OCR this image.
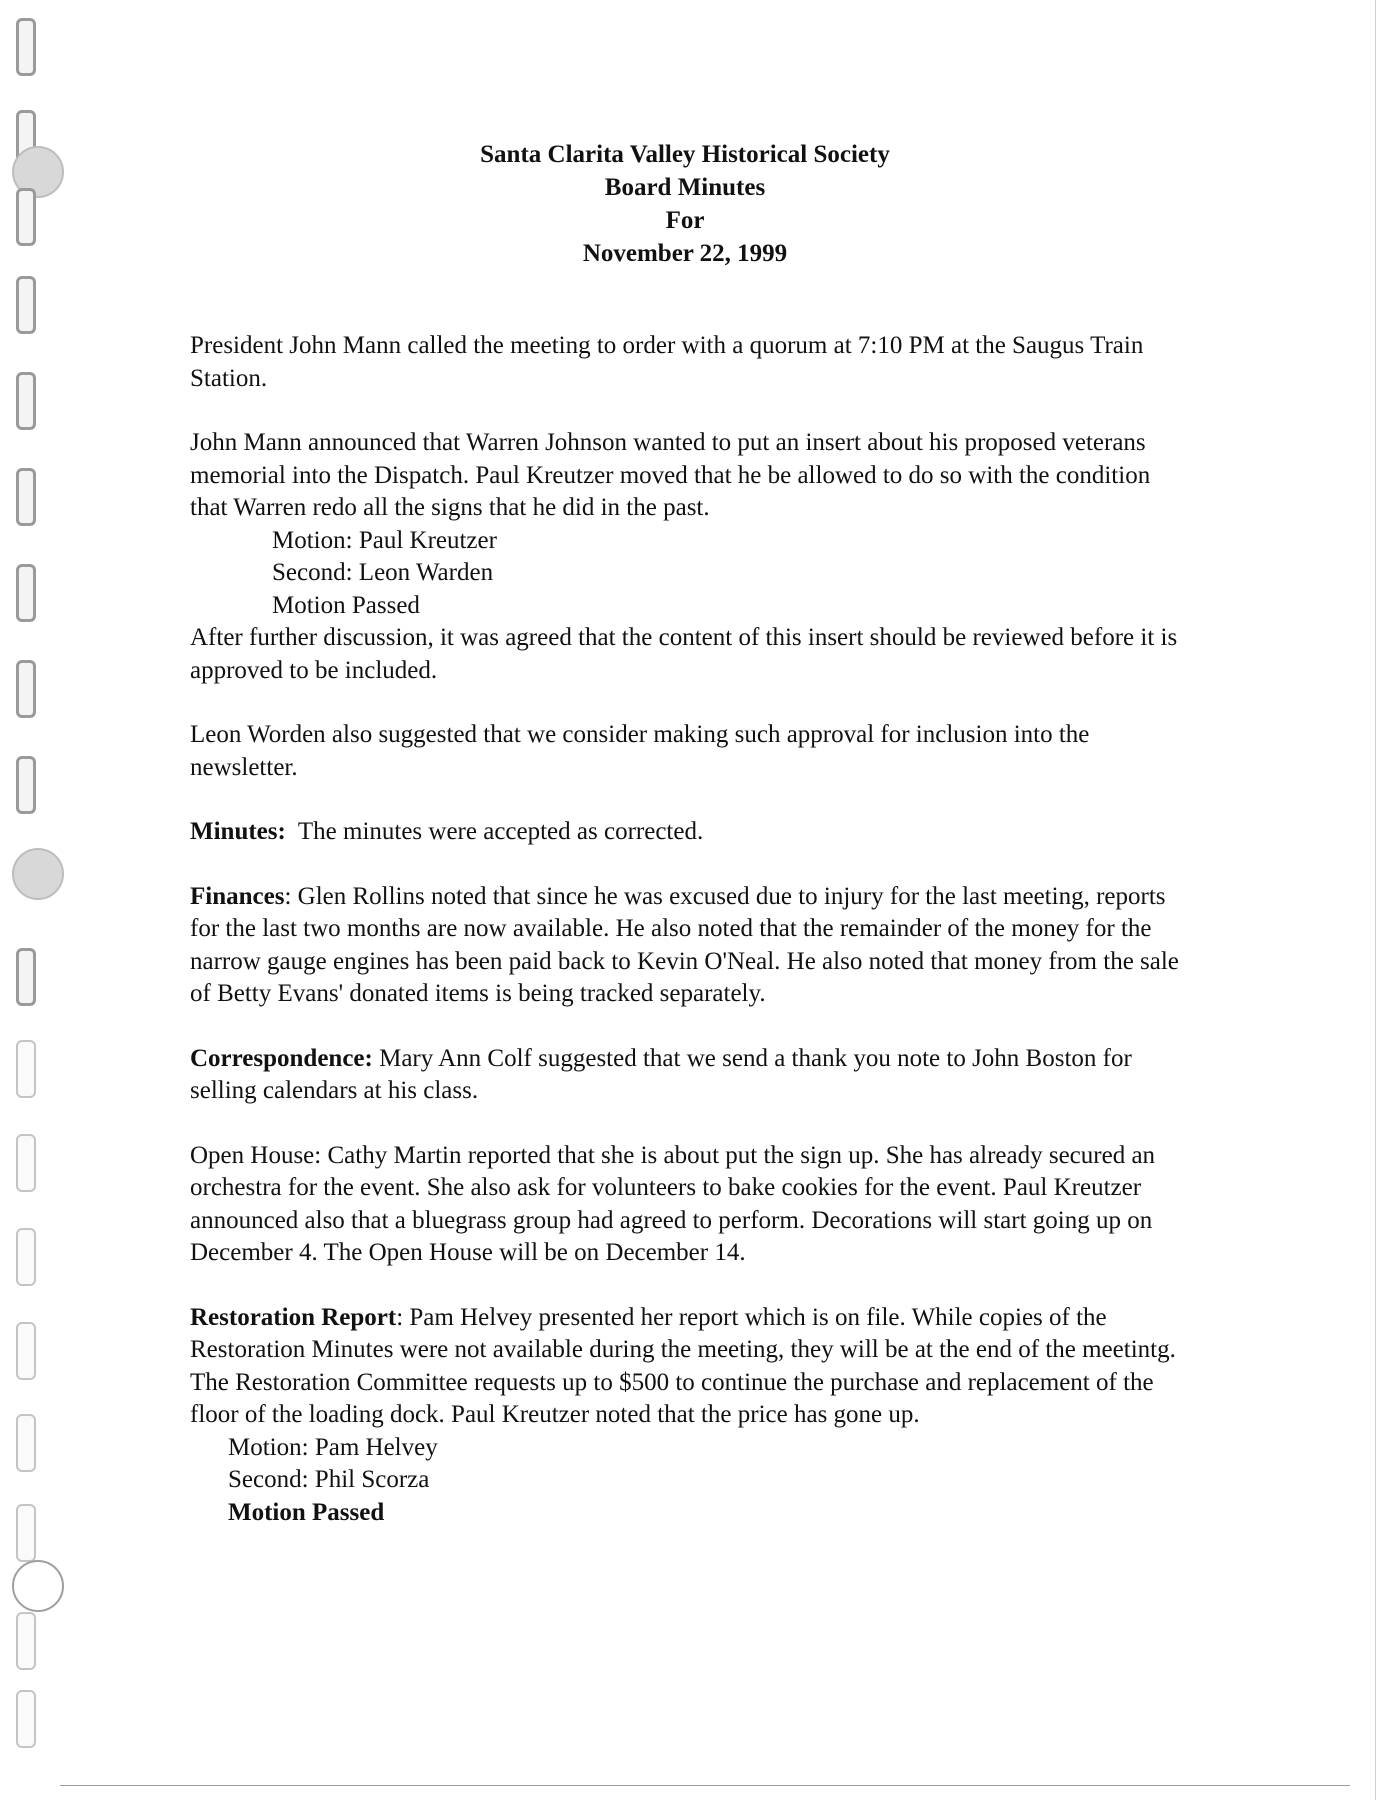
Santa Clarita Valley Historical Society
Board Minutes
For
November 22, 1999

President John Mann called the meeting to order with a quorum at 7:10 PM at the Saugus Train Station.

John Mann announced that Warren Johnson wanted to put an insert about his proposed veterans memorial into the Dispatch. Paul Kreutzer moved that he be allowed to do so with the condition that Warren redo all the signs that he did in the past.
Motion: Paul Kreutzer
Second: Leon Warden
Motion Passed
After further discussion, it was agreed that the content of this insert should be reviewed before it is approved to be included.

Leon Worden also suggested that we consider making such approval for inclusion into the newsletter.

Minutes:  The minutes were accepted as corrected.

Finances: Glen Rollins noted that since he was excused due to injury for the last meeting, reports for the last two months are now available. He also noted that the remainder of the money for the narrow gauge engines has been paid back to Kevin O'Neal. He also noted that money from the sale of Betty Evans' donated items is being tracked separately.

Correspondence: Mary Ann Colf suggested that we send a thank you note to John Boston for selling calendars at his class.

Open House: Cathy Martin reported that she is about put the sign up. She has already secured an orchestra for the event. She also ask for volunteers to bake cookies for the event. Paul Kreutzer announced also that a bluegrass group had agreed to perform. Decorations will start going up on December 4. The Open House will be on December 14.

Restoration Report: Pam Helvey presented her report which is on file. While copies of the Restoration Minutes were not available during the meeting, they will be at the end of the meetintg. The Restoration Committee requests up to $500 to continue the purchase and replacement of the floor of the loading dock. Paul Kreutzer noted that the price has gone up.
Motion: Pam Helvey
Second: Phil Scorza
Motion Passed
